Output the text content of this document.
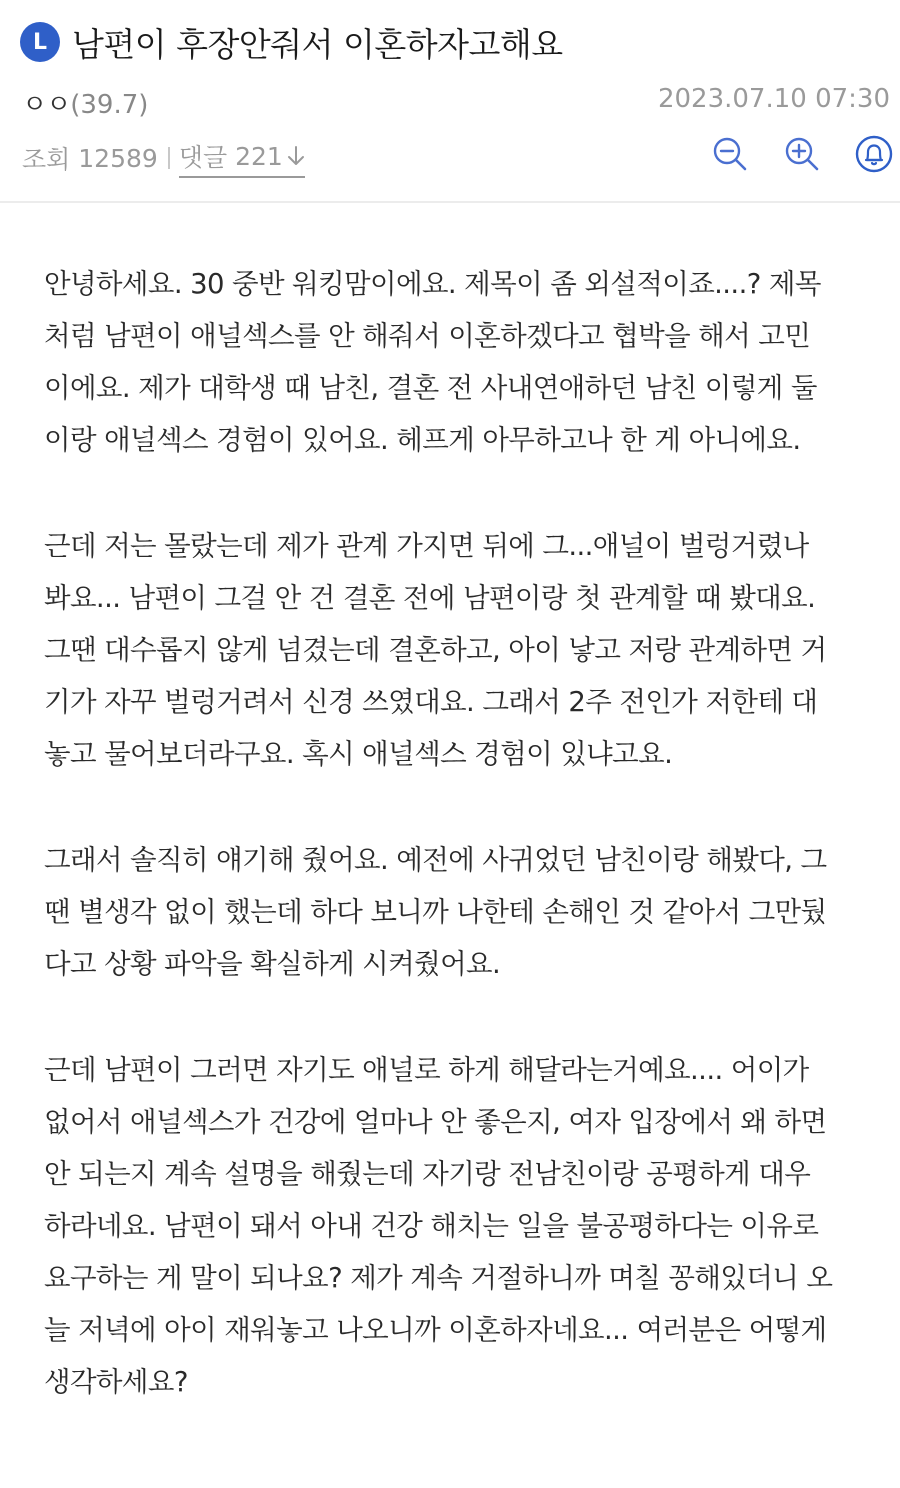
L 남편이 후장안줘서 이혼하자고해요
ㅇㅇ(39.7)	2023.07.10 07:30
조회
12589 댓글
221

안녕하세요. 30 중반 워킹맘이에요. 제목이 좀 외설적이죠....? 제목
처럼 남편이 애널섹스를 안 해줘서 이혼하겠다고 협박을 해서 고민
이에요. 제가 대학생 때 남친, 결혼 전 사내연애하던 남친 이렇게 둘
이랑 애널섹스 경험이 있어요. 헤프게 아무하고나 한 게 아니에요.

근데 저는 몰랐는데 제가 관계 가지면 뒤에 그...애널이 벌렁거렸나
봐요... 남편이 그걸 안 건 결혼 전에 남편이랑 첫 관계할 때 봤대요.
그땐 대수롭지 않게 넘겼는데 결혼하고, 아이 낳고 저랑 관계하면 거
기가 자꾸 벌렁거려서 신경 쓰였대요. 그래서 2주 전인가 저한테 대
놓고 물어보더라구요. 혹시 애널섹스 경험이 있냐고요.

그래서 솔직히 얘기해 줬어요. 예전에 사귀었던 남친이랑 해봤다, 그
땐 별생각 없이 했는데 하다 보니까 나한테 손해인 것 같아서 그만뒀
다고 상황 파악을 확실하게 시켜줬어요.

근데 남편이 그러면 자기도 애널로 하게 해달라는거예요.... 어이가
없어서 애널섹스가 건강에 얼마나 안 좋은지, 여자 입장에서 왜 하면
안 되는지 계속 설명을 해줬는데 자기랑 전남친이랑 공평하게 대우
하라네요. 남편이 돼서 아내 건강 해치는 일을 불공평하다는 이유로
요구하는 게 말이 되나요? 제가 계속 거절하니까 며칠 꽁해있더니 오
늘 저녁에 아이 재워놓고 나오니까 이혼하자네요... 여러분은 어떻게
생각하세요?
